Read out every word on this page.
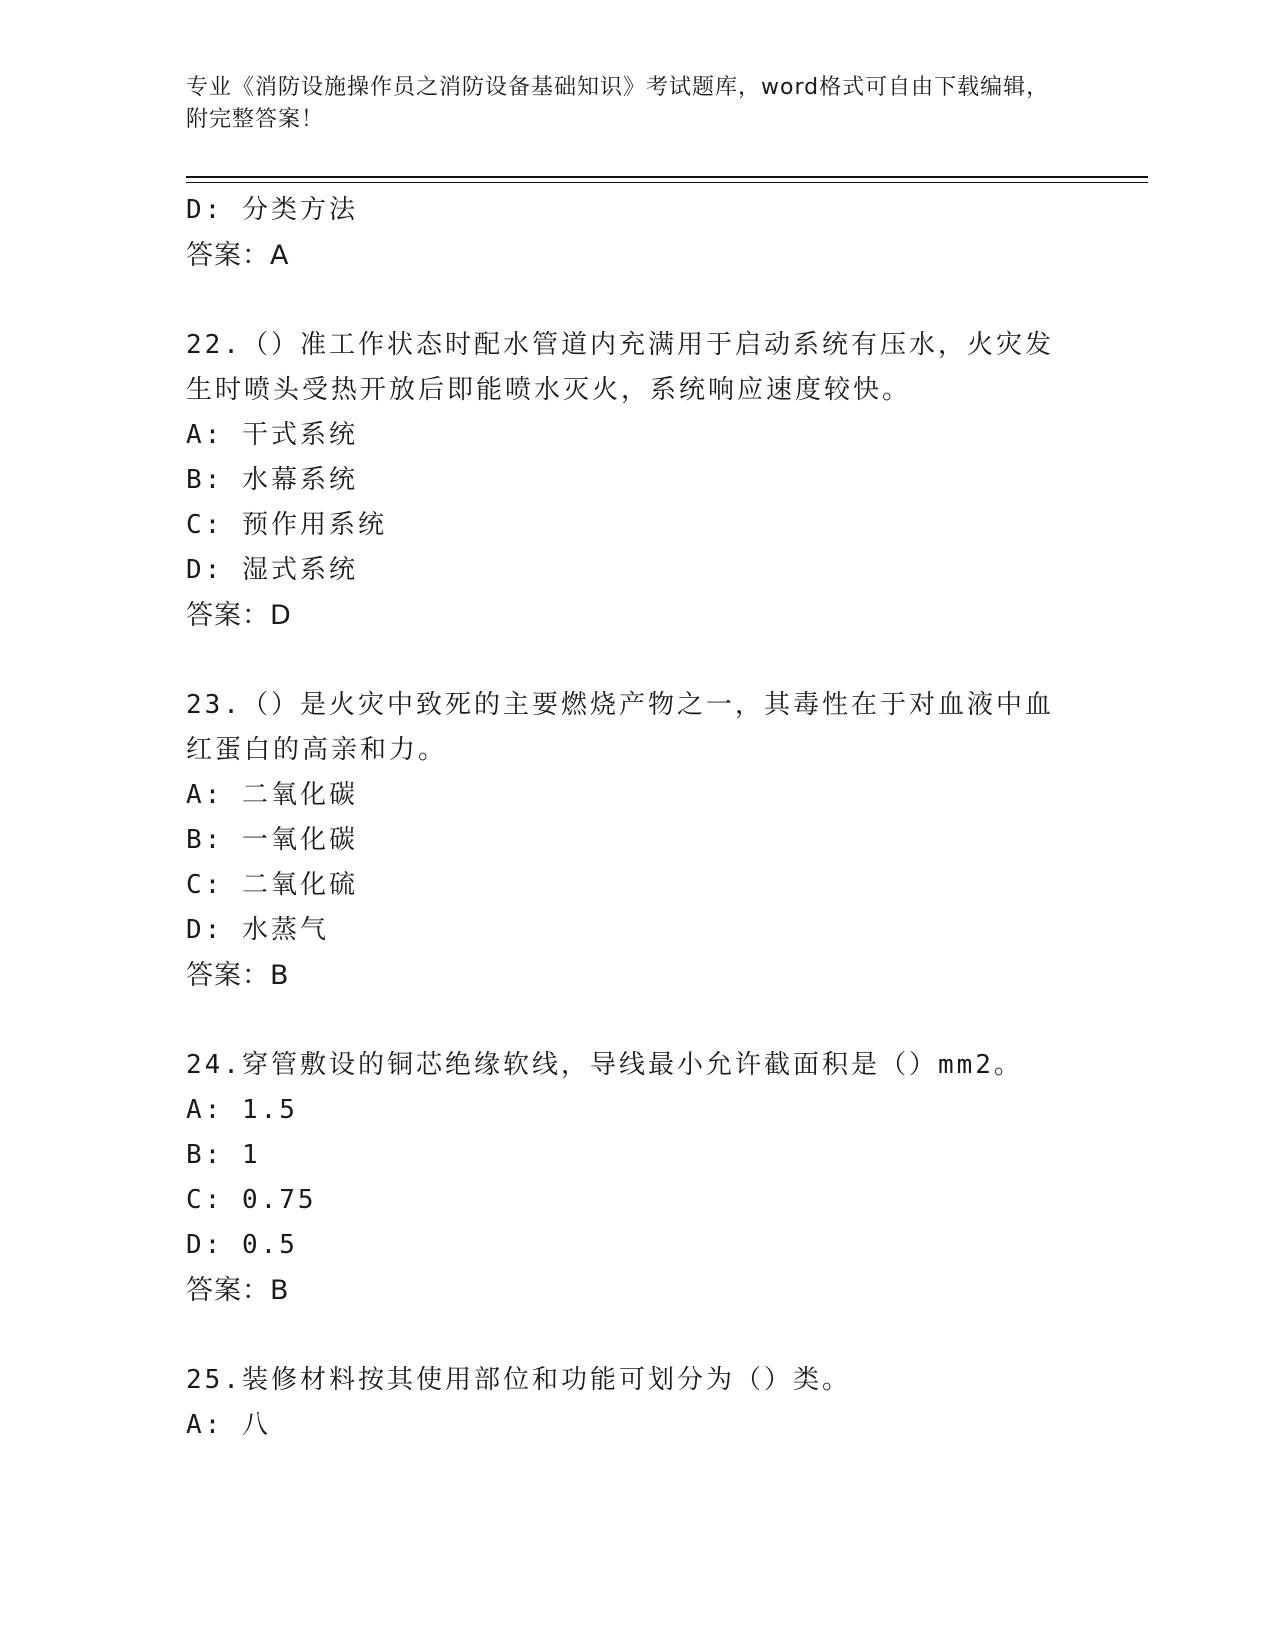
专业《消防设施操作员之消防设备基础知识》考试题库，word格式可自由下载编辑，附完整答案！
D: 分类方法
答案：A
22.（）准工作状态时配水管道内充满用于启动系统有压水，火灾发生时喷头受热开放后即能喷水灭火，系统响应速度较快。
A: 干式系统
B: 水幕系统
C: 预作用系统
D: 湿式系统
答案：D
23.（）是火灾中致死的主要燃烧产物之一，其毒性在于对血液中血红蛋白的高亲和力。
A: 二氧化碳
B: 一氧化碳
C: 二氧化硫
D: 水蒸气
答案：B
24.穿管敷设的铜芯绝缘软线，导线最小允许截面积是（）mm2。
A: 1.5
B: 1
C: 0.75
D: 0.5
答案：B
25.装修材料按其使用部位和功能可划分为（）类。
A: 八
